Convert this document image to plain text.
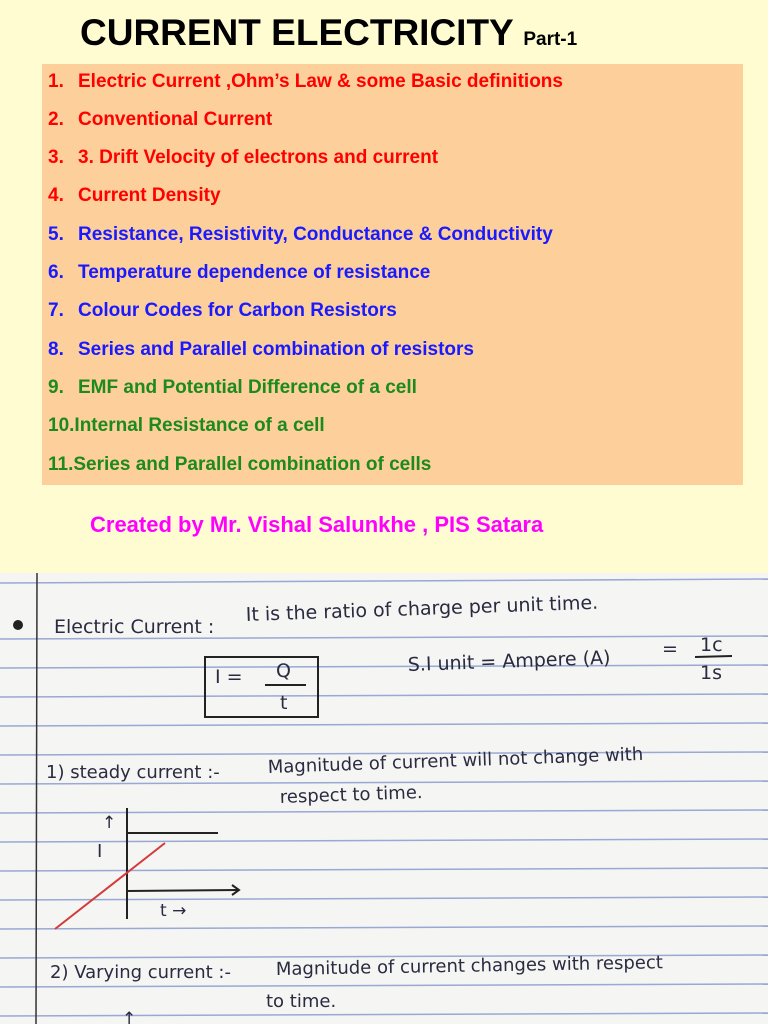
CURRENT ELECTRICITY Part-1
1. Electric Current ,Ohm’s Law & some Basic definitions
2. Conventional Current
3. 3. Drift Velocity of electrons and current
4. Current Density
5. Resistance, Resistivity, Conductance & Conductivity
6. Temperature dependence of resistance
7. Colour Codes for Carbon Resistors
8. Series and Parallel combination of resistors
9. EMF and Potential Difference of a cell
10.Internal Resistance of a cell
11.Series and Parallel combination of cells
Created by Mr. Vishal Salunkhe , PIS Satara
Electric Current :
It is the ratio of charge per unit time.
I = Q
t
S.I unit = Ampere (A)	= 1c
1s
1) steady current :-	Magnitude of current will not change with
respect to time.
↑
I
t →
2) Varying current :- Magnitude of current changes with respect
to time.
↑
